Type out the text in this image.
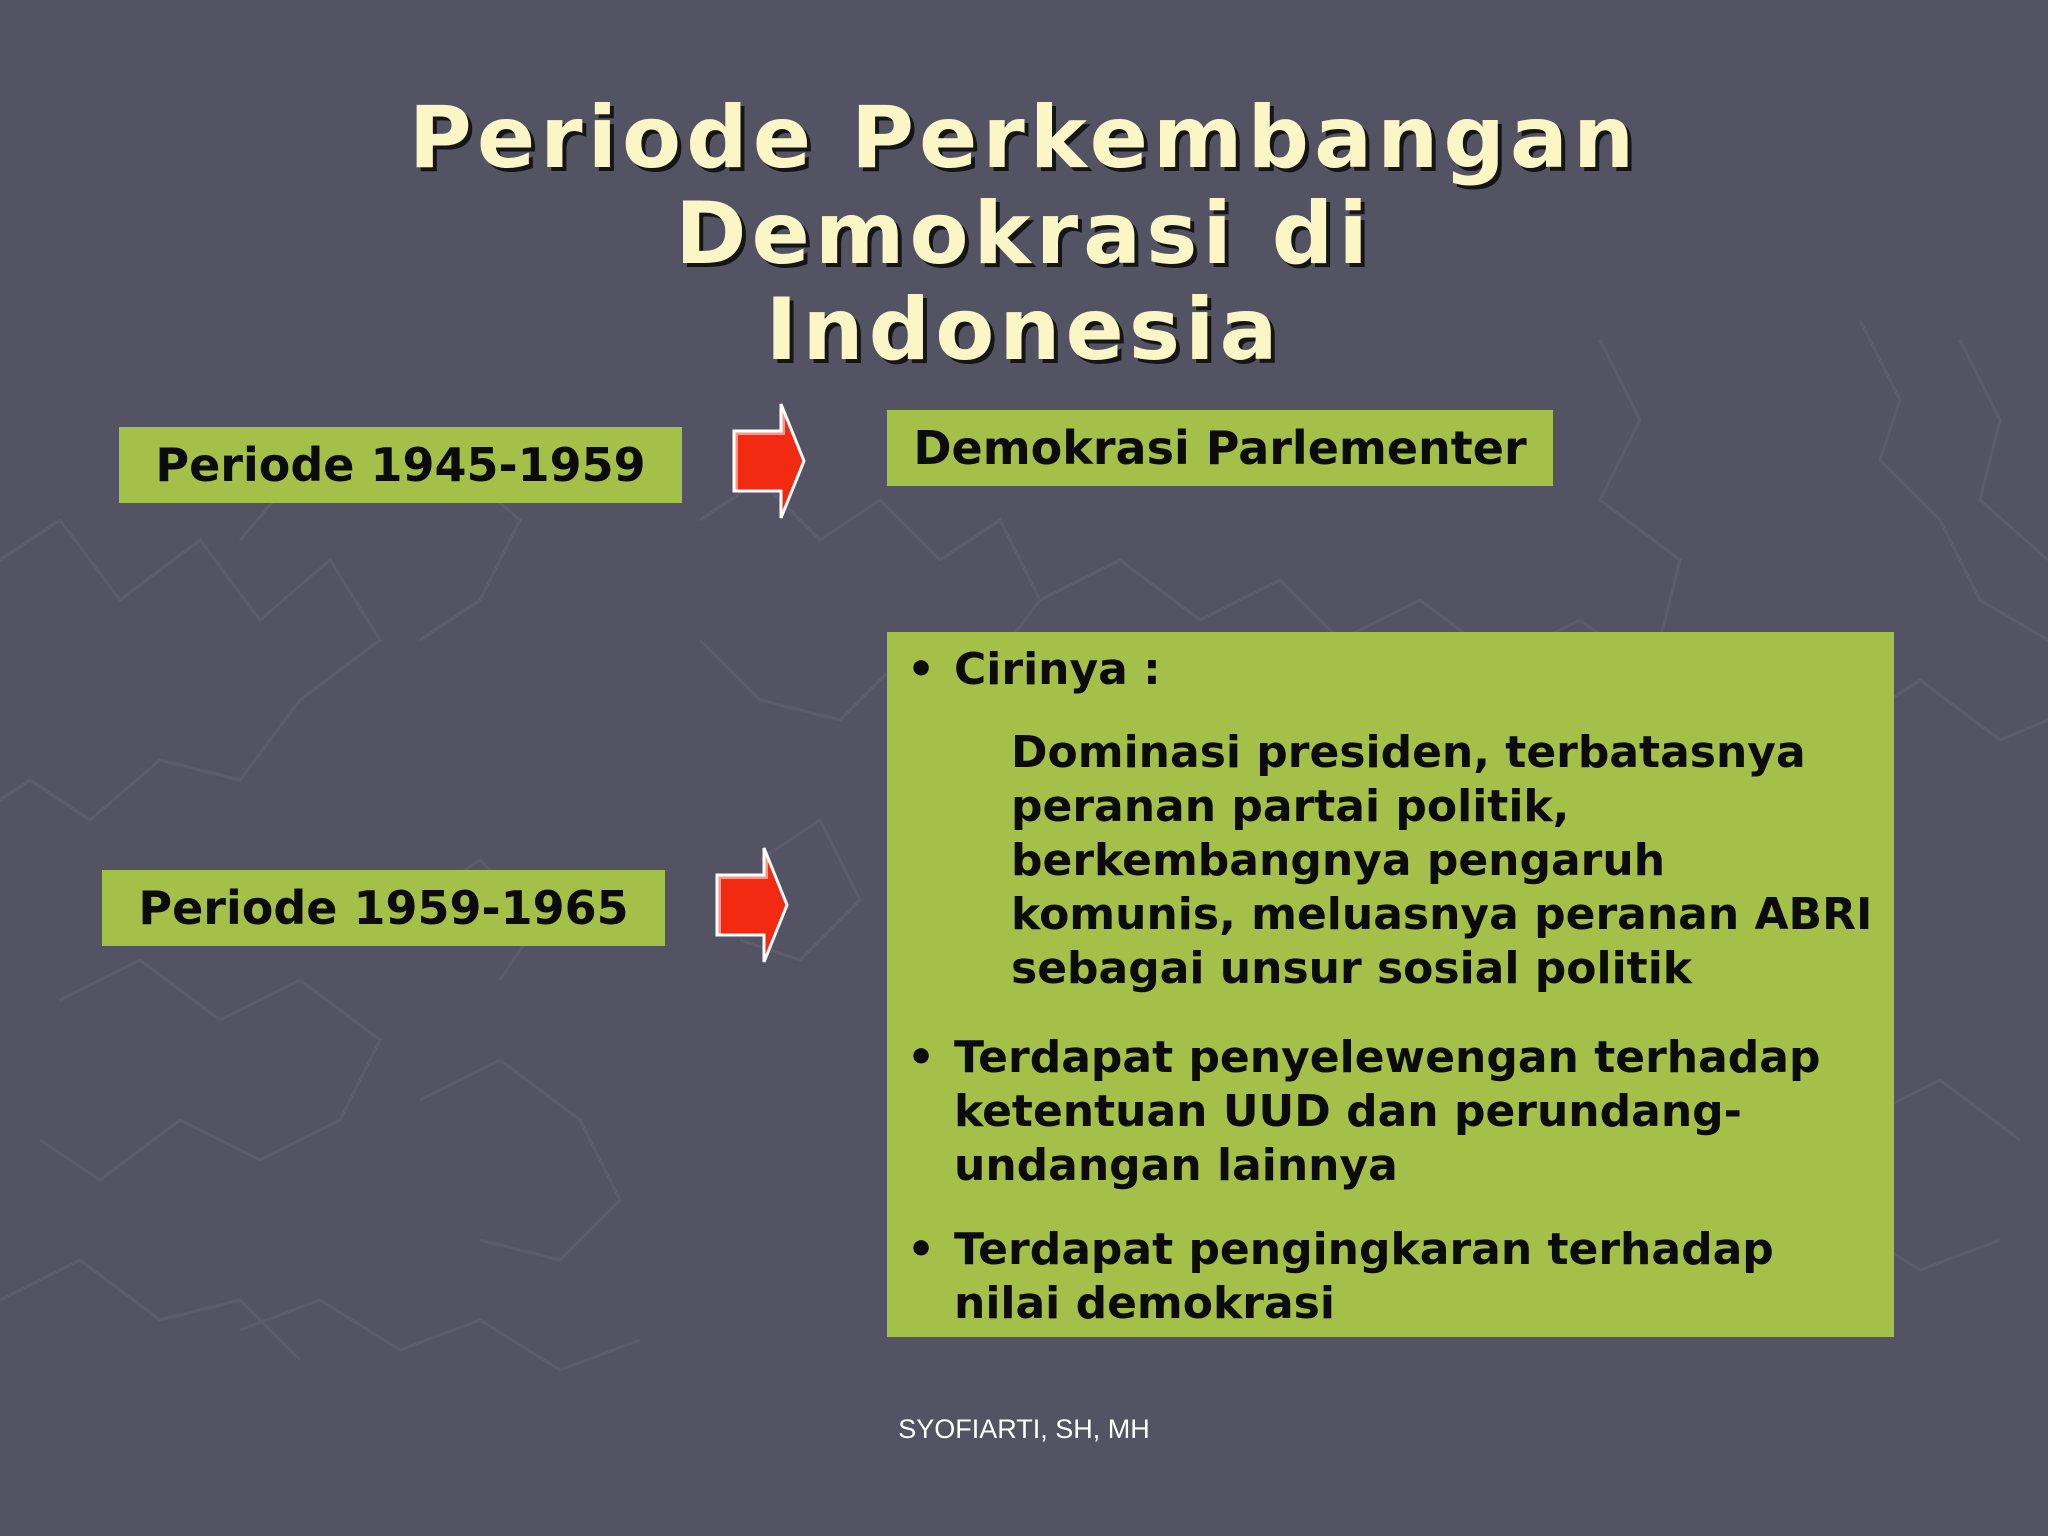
Periode Perkembangan Demokrasi di
Indonesia
Periode 1945-1959	Demokrasi Parlementer
Periode 1959-1965
• Cirinya :
Dominasi presiden, terbatasnya peranan partai politik, berkembangnya pengaruh komunis, meluasnya peranan ABRI sebagai unsur sosial politik
• Terdapat penyelewengan terhadap ketentuan UUD dan perundang-undangan lainnya
• Terdapat pengingkaran terhadap nilai demokrasi
SYOFIARTI, SH, MH
